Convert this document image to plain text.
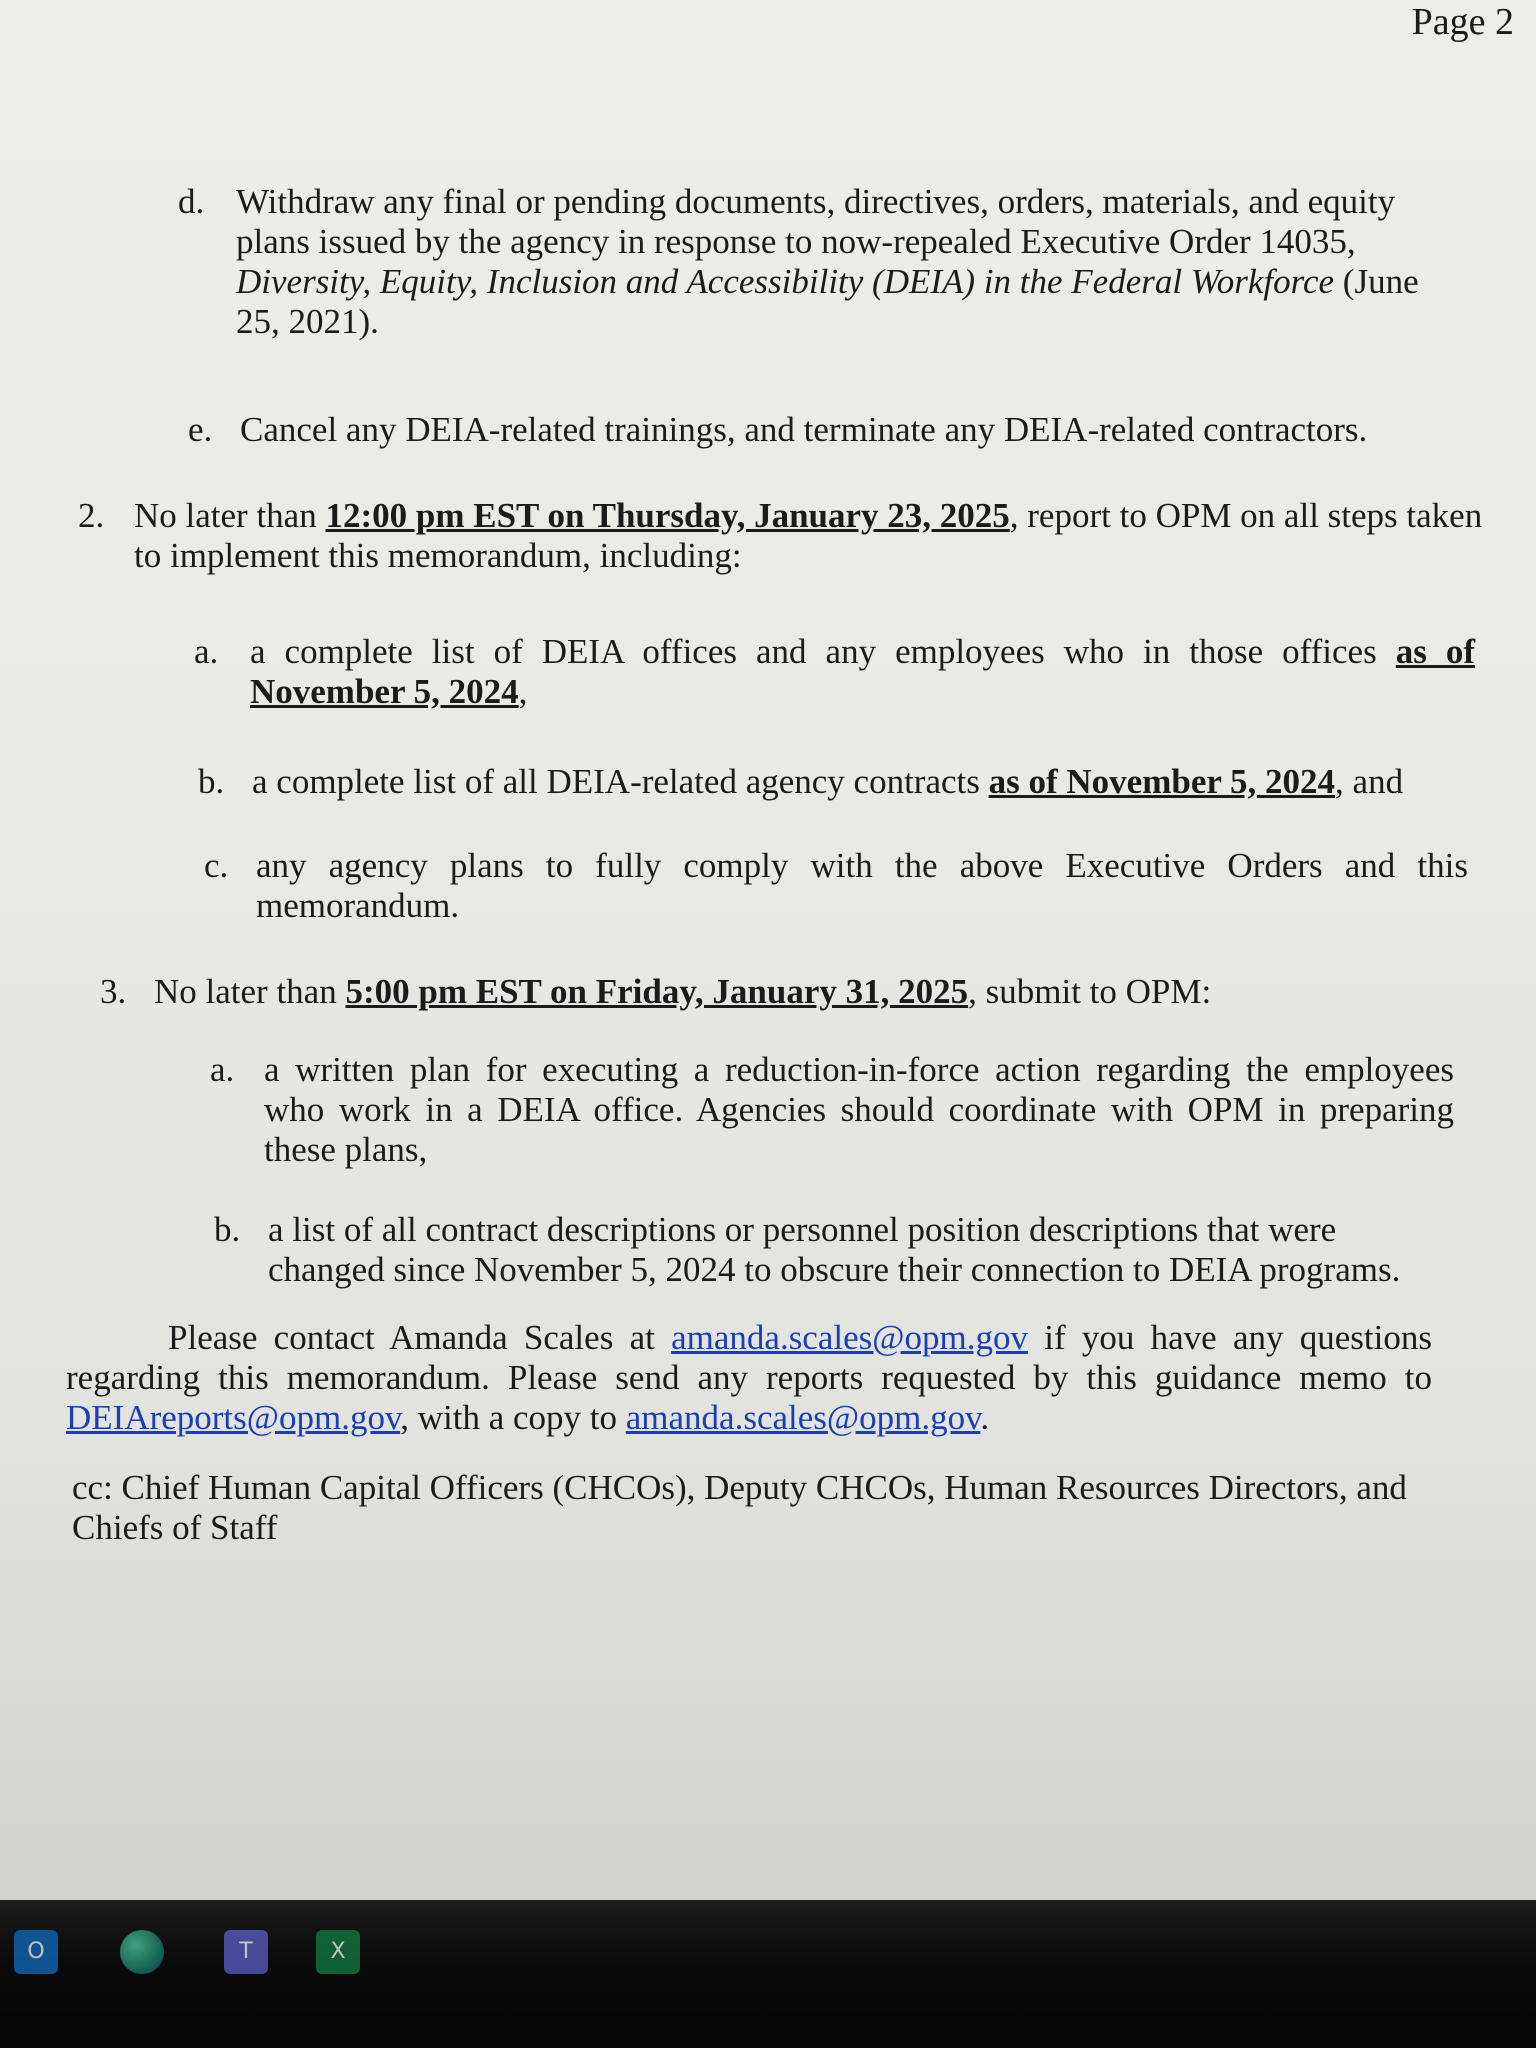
Page 2
d. Withdraw any final or pending documents, directives, orders, materials, and equity plans issued by the agency in response to now-repealed Executive Order 14035, Diversity, Equity, Inclusion and Accessibility (DEIA) in the Federal Workforce (June 25, 2021).
e. Cancel any DEIA-related trainings, and terminate any DEIA-related contractors.
2. No later than 12:00 pm EST on Thursday, January 23, 2025, report to OPM on all steps taken to implement this memorandum, including:
a. a complete list of DEIA offices and any employees who in those offices as of November 5, 2024,
b. a complete list of all DEIA-related agency contracts as of November 5, 2024, and
c. any agency plans to fully comply with the above Executive Orders and this memorandum.
3. No later than 5:00 pm EST on Friday, January 31, 2025, submit to OPM:
a. a written plan for executing a reduction-in-force action regarding the employees who work in a DEIA office. Agencies should coordinate with OPM in preparing these plans,
b. a list of all contract descriptions or personnel position descriptions that were changed since November 5, 2024 to obscure their connection to DEIA programs.
Please contact Amanda Scales at amanda.scales@opm.gov if you have any questions regarding this memorandum. Please send any reports requested by this guidance memo to DEIAreports@opm.gov, with a copy to amanda.scales@opm.gov.
cc: Chief Human Capital Officers (CHCOs), Deputy CHCOs, Human Resources Directors, and Chiefs of Staff
O	T	X
